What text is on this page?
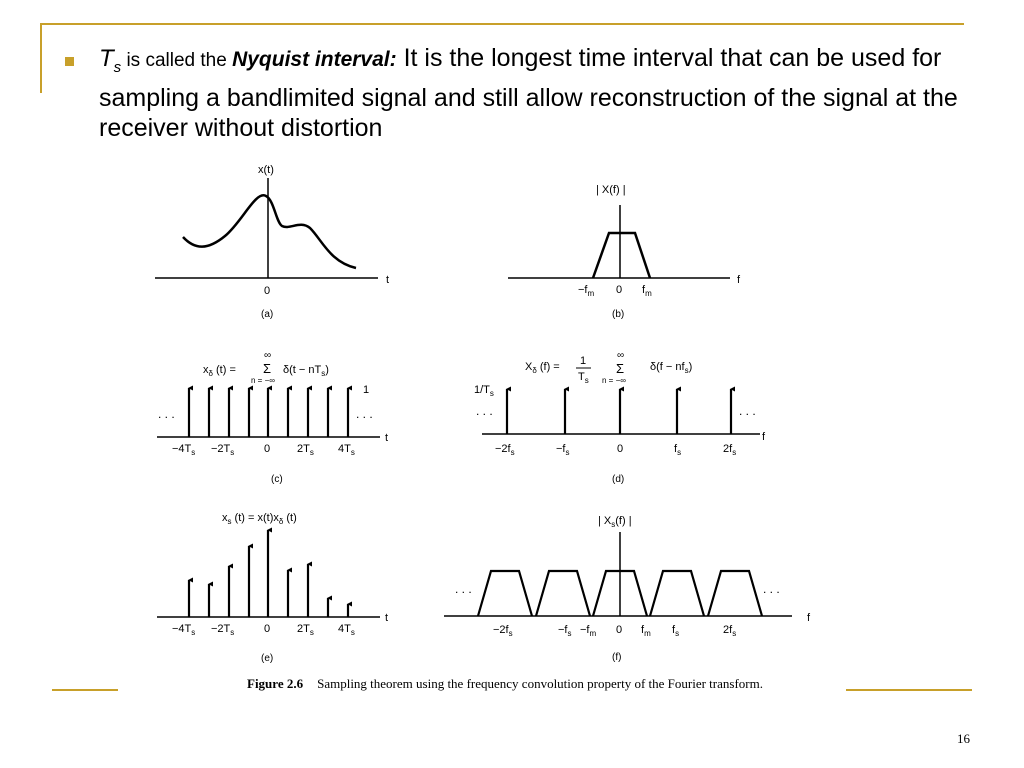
$T_s$ is called the Nyquist interval: It is the longest time interval that can be used for sampling a bandlimited signal and still allow reconstruction of the signal at the receiver without distortion
x(t)
t
0
(a)
| X(f) |
f
$-f_m$ 0 $f_m$
(b)
$x_\delta$ (t) =
∞
Σ
n = −∞
$\delta(t - nT_s)$
1
. . .	. . .
t
$-4T_s -2T_s$	0 $2T_s$ $4T_s$
(c)
$X_\delta$ (f) = 1
$T_s$
∞
Σ
n = −∞
$\delta(f - nf_s)$
$1/T_s$
. . .	. . .
f
$-2f_s$	$-f_s$	0	$f_s$	$2f_s$
(d)
$x_s$ $(t) = x(t)x_\delta$ (t)
t
$-4T_s -2T_s$	0 $2T_s$ $4T_s$
(e)
| $X_s(f)$ |
. . .	. . .
f
$-2f_s$	$-f_s -f_m$ 0 $f_m$ $f_s$	$2f_s$
(f)
Figure 2.6 Sampling theorem using the frequency convolution property of the Fourier transform.
16
